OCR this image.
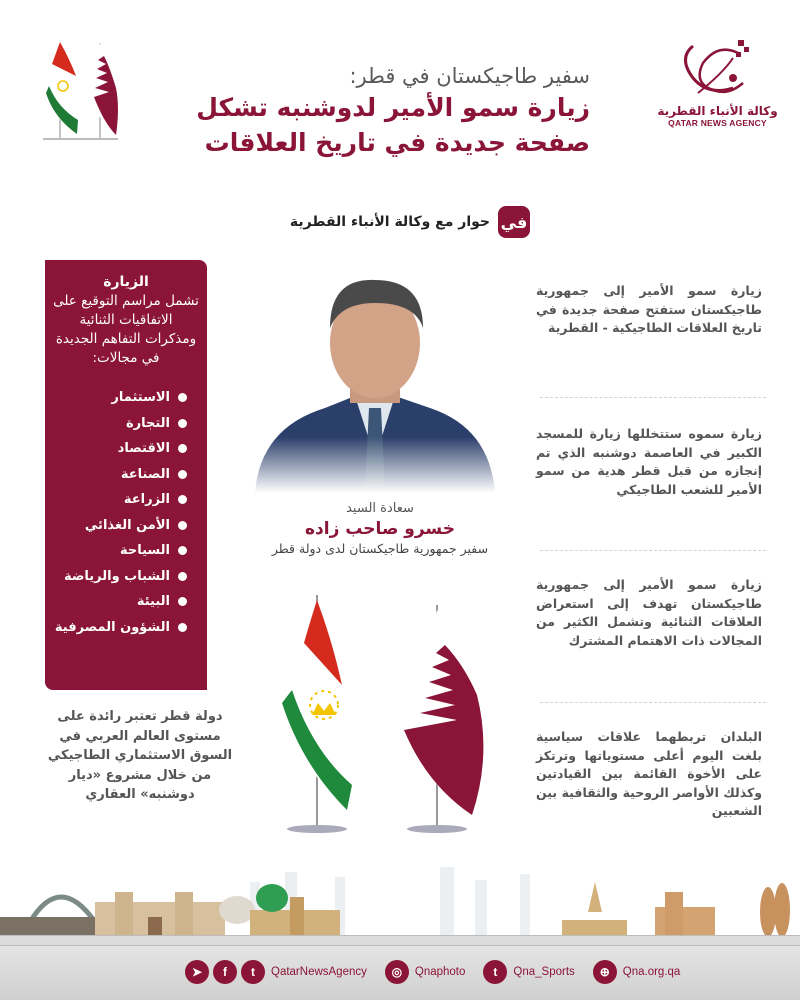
وكالة الأنباء القطرية
QATAR NEWS AGENCY
سفير طاجيكستان في قطر:
زيارة سمو الأمير لدوشنبه تشكل
صفحة جديدة في تاريخ العلاقات
في
حوار مع وكالة الأنباء القطرية
الزيارة
تشمل مراسم التوقيع على الاتفاقيات الثنائية ومذكرات التفاهم الجديدة في مجالات:
الاستثمار
التجارة
الاقتصاد
الصناعة
الزراعة
الأمن الغذائي
السياحة
الشباب والرياضة
البيئة
الشؤون المصرفية
دولة قطر تعتبر رائدة على مستوى العالم العربي في السوق الاستثماري الطاجيكي من خلال مشروع «ديار دوشنبه» العقاري
سعادة السيد
خسرو صاحب زاده
سفير جمهورية طاجيكستان لدى دولة قطر
زيارة سمو الأمير إلى جمهورية طاجيكستان ستفتح صفحة جديدة في تاريخ العلاقات الطاجيكية - القطرية
زيارة سموه ستتخللها زيارة للمسجد الكبير في العاصمة دوشنبه الذي تم إنجازه من قبل قطر هدية من سمو الأمير للشعب الطاجيكي
زيارة سمو الأمير إلى جمهورية طاجيكستان تهدف إلى استعراض العلاقات الثنائية وتشمل الكثير من المجالات ذات الاهتمام المشترك
البلدان تربطهما علاقات سياسية بلغت اليوم أعلى مستوياتها وترتكز على الأخوة القائمة بين القيادتين وكذلك الأواصر الروحية والثقافية بين الشعبين
➤	f	t	QatarNewsAgency	◎	Qnaphoto	t	Qna_Sports	⊕	Qna.org.qa
